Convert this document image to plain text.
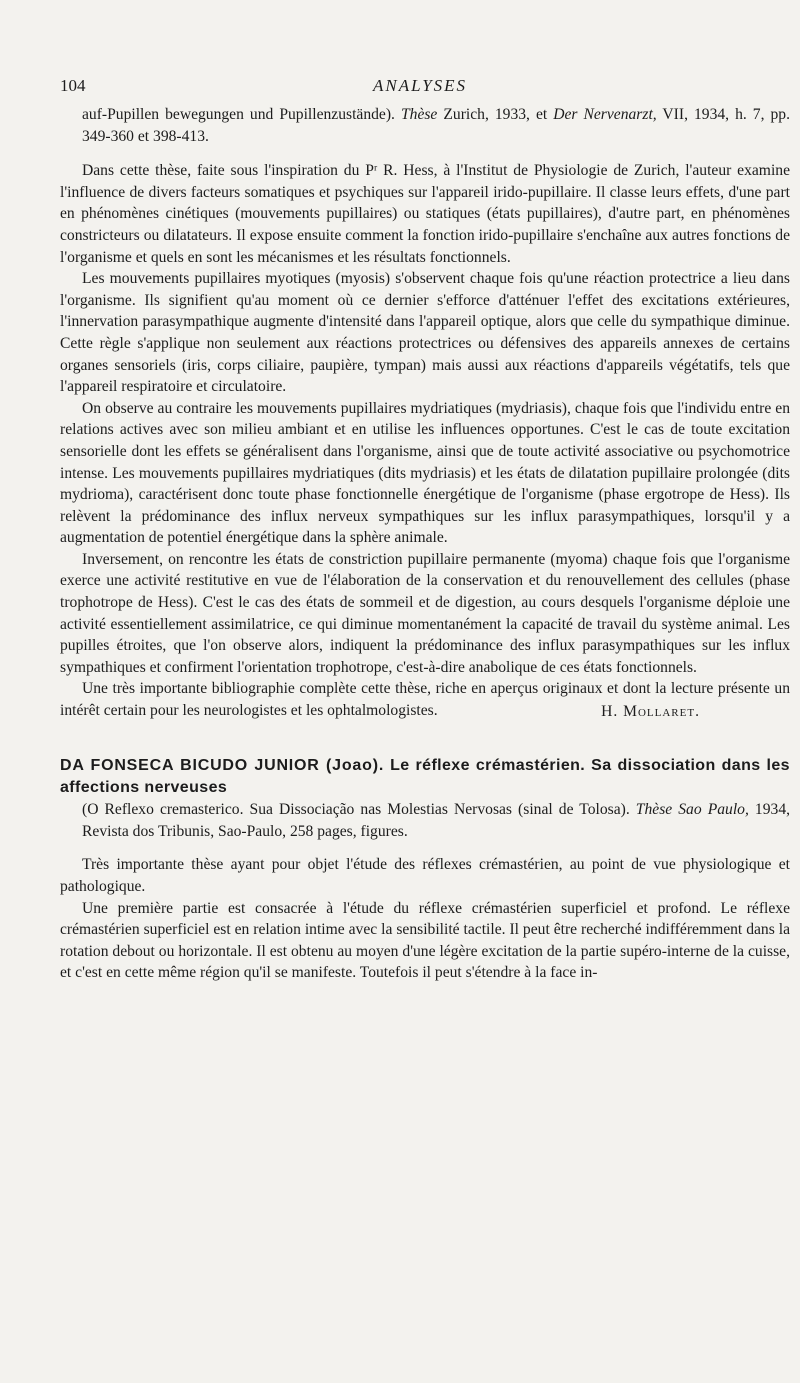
104	ANALYSES
auf-Pupillen bewegungen und Pupillenzustände). Thèse Zurich, 1933, et Der Nervenarzt, VII, 1934, h. 7, pp. 349-360 et 398-413.

Dans cette thèse, faite sous l'inspiration du Pʳ R. Hess, à l'Institut de Physiologie de Zurich, l'auteur examine l'influence de divers facteurs somatiques et psychiques sur l'appareil irido-pupillaire. Il classe leurs effets, d'une part en phénomènes cinétiques (mouvements pupillaires) ou statiques (états pupillaires), d'autre part, en phénomènes constricteurs ou dilatateurs. Il expose ensuite comment la fonction irido-pupillaire s'enchaîne aux autres fonctions de l'organisme et quels en sont les mécanismes et les résultats fonctionnels.

Les mouvements pupillaires myotiques (myosis) s'observent chaque fois qu'une réaction protectrice a lieu dans l'organisme. Ils signifient qu'au moment où ce dernier s'efforce d'atténuer l'effet des excitations extérieures, l'innervation parasympathique augmente d'intensité dans l'appareil optique, alors que celle du sympathique diminue. Cette règle s'applique non seulement aux réactions protectrices ou défensives des appareils annexes de certains organes sensoriels (iris, corps ciliaire, paupière, tympan) mais aussi aux réactions d'appareils végétatifs, tels que l'appareil respiratoire et circulatoire.

On observe au contraire les mouvements pupillaires mydriatiques (mydriasis), chaque fois que l'individu entre en relations actives avec son milieu ambiant et en utilise les influences opportunes. C'est le cas de toute excitation sensorielle dont les effets se généralisent dans l'organisme, ainsi que de toute activité associative ou psychomotrice intense. Les mouvements pupillaires mydriatiques (dits mydriasis) et les états de dilatation pupillaire prolongée (dits mydrioma), caractérisent donc toute phase fonctionnelle énergétique de l'organisme (phase ergotrope de Hess). Ils relèvent la prédominance des influx nerveux sympathiques sur les influx parasympathiques, lorsqu'il y a augmentation de potentiel énergétique dans la sphère animale.

Inversement, on rencontre les états de constriction pupillaire permanente (myoma) chaque fois que l'organisme exerce une activité restitutive en vue de l'élaboration de la conservation et du renouvellement des cellules (phase trophotrope de Hess). C'est le cas des états de sommeil et de digestion, au cours desquels l'organisme déploie une activité essentiellement assimilatrice, ce qui diminue momentanément la capacité de travail du système animal. Les pupilles étroites, que l'on observe alors, indiquent la prédominance des influx parasympathiques sur les influx sympathiques et confirment l'orientation trophotrope, c'est-à-dire anabolique de ces états fonctionnels.

Une très importante bibliographie complète cette thèse, riche en aperçus originaux et dont la lecture présente un intérêt certain pour les neurologistes et les ophtalmologistes.	H. Mollaret.
DA FONSECA BICUDO JUNIOR (Joao). Le réflexe crémastérien. Sa dissociation dans les affections nerveuses
(O Reflexo cremasterico. Sua Dissociação nas Molestias Nervosas (sinal de Tolosa). Thèse Sao Paulo, 1934, Revista dos Tribunis, Sao-Paulo, 258 pages, figures.

Très importante thèse ayant pour objet l'étude des réflexes crémastérien, au point de vue physiologique et pathologique.

Une première partie est consacrée à l'étude du réflexe crémastérien superficiel et profond. Le réflexe crémastérien superficiel est en relation intime avec la sensibilité tactile. Il peut être recherché indifféremment dans la rotation debout ou horizontale. Il est obtenu au moyen d'une légère excitation de la partie supéro-interne de la cuisse, et c'est en cette même région qu'il se manifeste. Toutefois il peut s'étendre à la face in-
